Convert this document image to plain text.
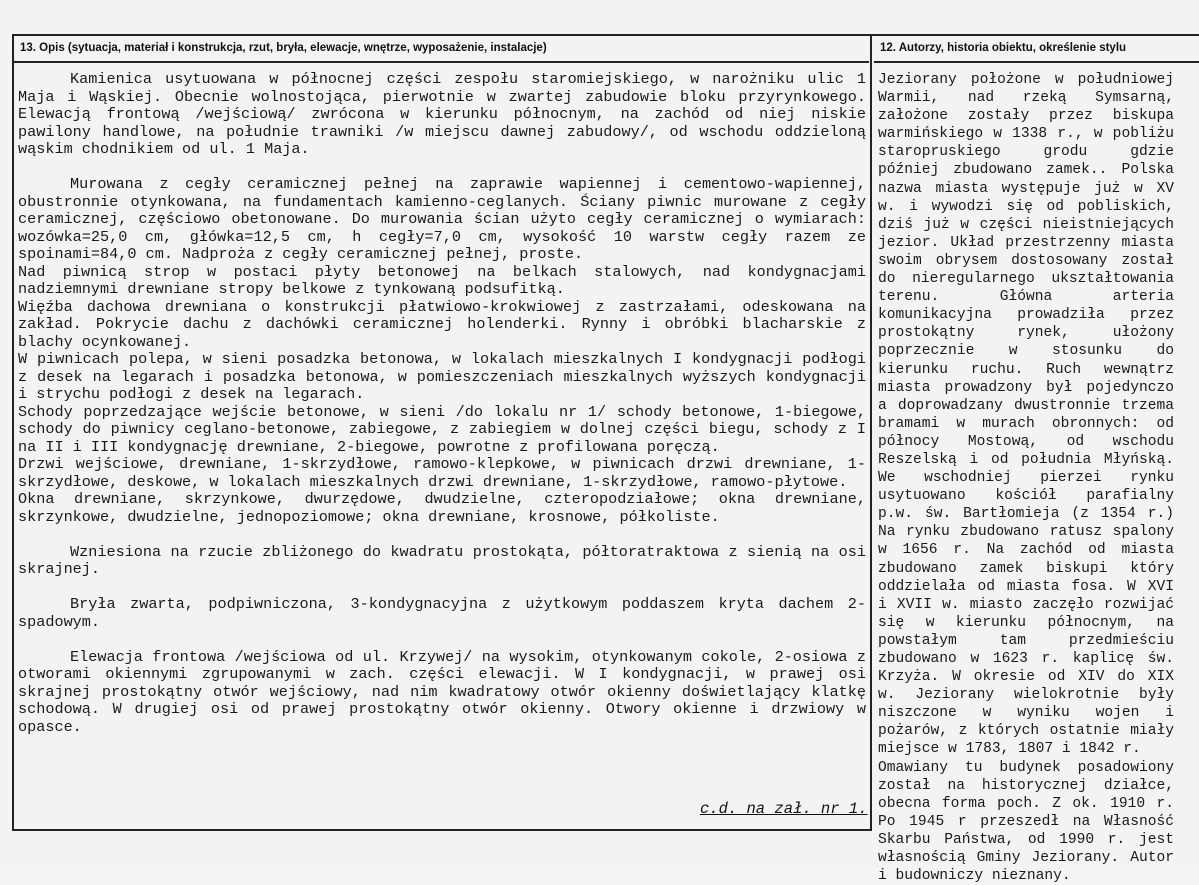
13. Opis (sytuacja, materiał i konstrukcja, rzut, bryła, elewacje, wnętrze, wyposażenie, instalacje)	12. Autorzy, historia obiektu, określenie stylu

Kamienica usytuowana w północnej części zespołu staromiejskiego, w narożniku ulic 1 Maja i Wąskiej. Obecnie wolnostojąca, pierwotnie w zwartej zabudowie bloku przyrynkowego. Elewacją frontową /wejściową/ zwrócona w kierunku północnym, na zachód od niej niskie pawilony handlowe, na południe trawniki /w miejscu dawnej zabudowy/, od wschodu oddzieloną wąskim chodnikiem od ul. 1 Maja.

Murowana z cegły ceramicznej pełnej na zaprawie wapiennej i cementowo-wapiennej, obustronnie otynkowana, na fundamentach kamienno-ceglanych. Ściany piwnic murowane z cegły ceramicznej, częściowo obetonowane. Do murowania ścian użyto cegły ceramicznej o wymiarach: wozówka=25,0 cm, główka=12,5 cm, h cegły=7,0 cm, wysokość 10 warstw cegły razem ze spoinami=84,0 cm. Nadproża z cegły ceramicznej pełnej, proste.

Nad piwnicą strop w postaci płyty betonowej na belkach stalowych, nad kondygnacjami nadziemnymi drewniane stropy belkowe z tynkowaną podsufitką.

Więźba dachowa drewniana o konstrukcji płatwiowo-krokwiowej z zastrzałami, odeskowana na zakład. Pokrycie dachu z dachówki ceramicznej holenderki. Rynny i obróbki blacharskie z blachy ocynkowanej.

W piwnicach polepa, w sieni posadzka betonowa, w lokalach mieszkalnych I kondygnacji podłogi z desek na legarach i posadzka betonowa, w pomieszczeniach mieszkalnych wyższych kondygnacji i strychu podłogi z desek na legarach.

Schody poprzedzające wejście betonowe, w sieni /do lokalu nr 1/ schody betonowe, 1-biegowe, schody do piwnicy ceglano-betonowe, zabiegowe, z zabiegiem w dolnej części biegu, schody z I na II i III kondygnację drewniane, 2-biegowe, powrotne z profilowana poręczą.

Drzwi wejściowe, drewniane, 1-skrzydłowe, ramowo-klepkowe, w piwnicach drzwi drewniane, 1-skrzydłowe, deskowe, w lokalach mieszkalnych drzwi drewniane, 1-skrzydłowe, ramowo-płytowe.

Okna drewniane, skrzynkowe, dwurzędowe, dwudzielne, czteropodziałowe; okna drewniane, skrzynkowe, dwudzielne, jednopoziomowe; okna drewniane, krosnowe, półkoliste.

Wzniesiona na rzucie zbliżonego do kwadratu prostokąta, półtoratraktowa z sienią na osi skrajnej.

Bryła zwarta, podpiwniczona, 3-kondygnacyjna z użytkowym poddaszem kryta dachem 2-spadowym.

Elewacja frontowa /wejściowa od ul. Krzywej/ na wysokim, otynkowanym cokole, 2-osiowa z otworami okiennymi zgrupowanymi w zach. części elewacji. W I kondygnacji, w prawej osi skrajnej prostokątny otwór wejściowy, nad nim kwadratowy otwór okienny doświetlający klatkę schodową. W drugiej osi od prawej prostokątny otwór okienny. Otwory okienne i drzwiowy w opasce.

c.d. na zał. nr 1.

Jeziorany położone w południowej Warmii, nad rzeką Symsarną, założone zostały przez biskupa warmińskiego w 1338 r., w pobliżu staropruskiego grodu gdzie później zbudowano zamek.. Polska nazwa miasta występuje już w XV w. i wywodzi się od pobliskich, dziś już w części nieistniejących jezior. Układ przestrzenny miasta swoim obrysem dostosowany został do nieregularnego ukształtowania terenu. Główna arteria komunikacyjna prowadziła przez prostokątny rynek, ułożony poprzecznie w stosunku do kierunku ruchu. Ruch wewnątrz miasta prowadzony był pojedynczo a doprowadzany dwustronnie trzema bramami w murach obronnych: od północy Mostową, od wschodu Reszelską i od południa Młyńską. We wschodniej pierzei rynku usytuowano kościół parafialny p.w. św. Bartłomieja (z 1354 r.) Na rynku zbudowano ratusz spalony w 1656 r. Na zachód od miasta zbudowano zamek biskupi który oddzielała od miasta fosa. W XVI i XVII w. miasto zaczęło rozwijać się w kierunku północnym, na powstałym tam przedmieściu zbudowano w 1623 r. kaplicę św. Krzyża. W okresie od XIV do XIX w. Jeziorany wielokrotnie były niszczone w wyniku wojen i pożarów, z których ostatnie miały miejsce w 1783, 1807 i 1842 r.

Omawiany tu budynek posadowiony został na historycznej działce, obecna forma poch. Z ok. 1910 r. Po 1945 r przeszedł na Własność Skarbu Państwa, od 1990 r. jest własnością Gminy Jeziorany. Autor i budowniczy nieznany.
